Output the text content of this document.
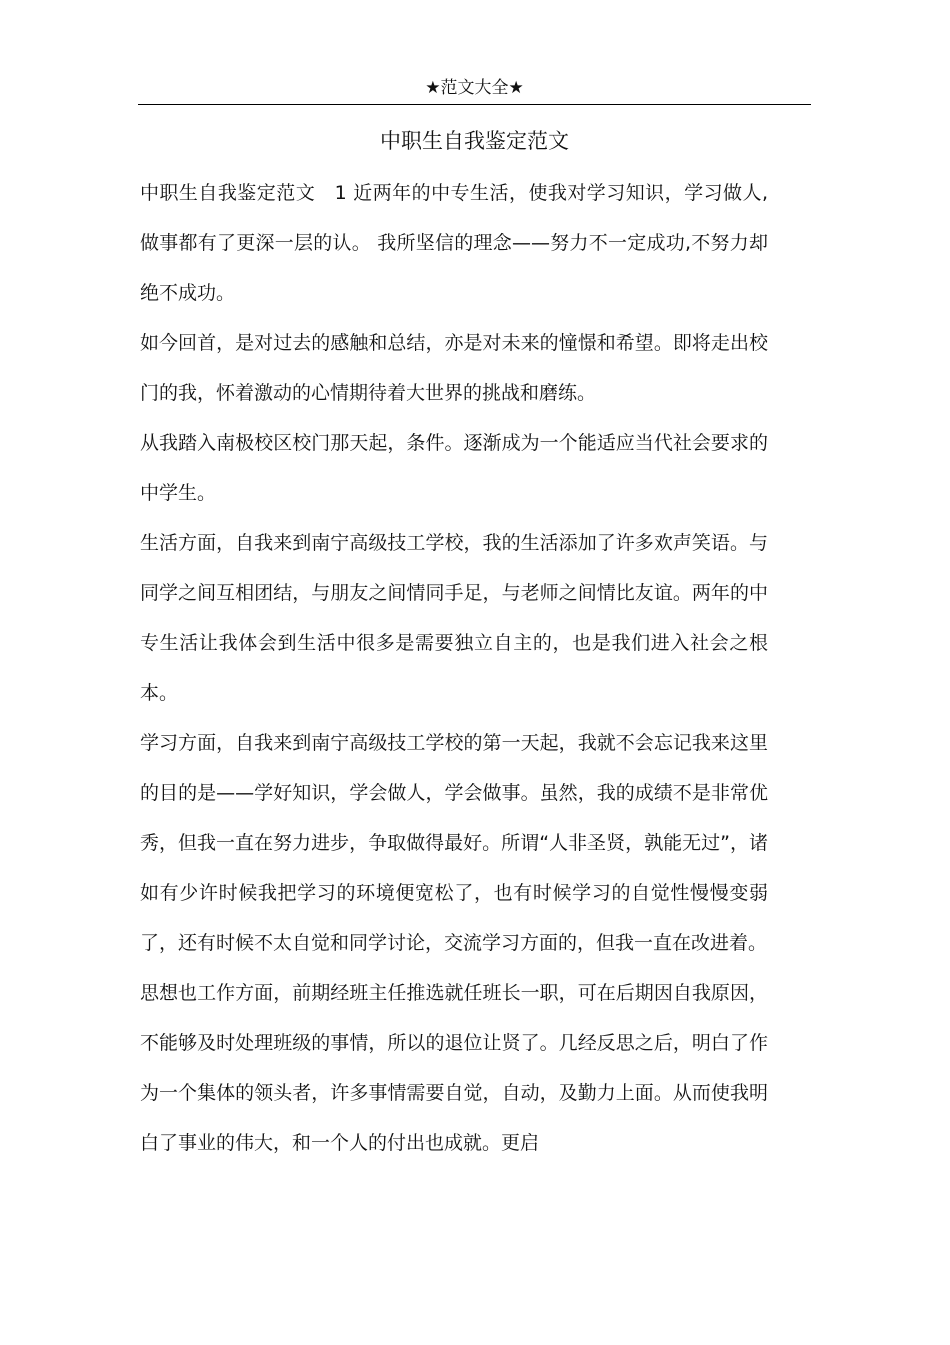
★范文大全★
中职生自我鉴定范文

中职生自我鉴定范文   1 近两年的中专生活，使我对学习知识，学习做人, 做事都有了更深一层的认。 我所坚信的理念——努力不一定成功,不努力却绝不成功。

如今回首，是对过去的感触和总结，亦是对未来的憧憬和希望。即将走出校门的我，怀着激动的心情期待着大世界的挑战和磨练。

从我踏入南极校区校门那天起，条件。逐渐成为一个能适应当代社会要求的中学生。

生活方面，自我来到南宁高级技工学校，我的生活添加了许多欢声笑语。与同学之间互相团结，与朋友之间情同手足，与老师之间情比友谊。两年的中专生活让我体会到生活中很多是需要独立自主的，也是我们进入社会之根本。

学习方面，自我来到南宁高级技工学校的第一天起，我就不会忘记我来这里的目的是——学好知识，学会做人，学会做事。虽然，我的成绩不是非常优秀，但我一直在努力进步，争取做得最好。所谓“人非圣贤，孰能无过”，诸如有少许时候我把学习的环境便宽松了，也有时候学习的自觉性慢慢变弱了，还有时候不太自觉和同学讨论，交流学习方面的，但我一直在改进着。

思想也工作方面，前期经班主任推选就任班长一职，可在后期因自我原因，不能够及时处理班级的事情，所以的退位让贤了。几经反思之后，明白了作为一个集体的领头者，许多事情需要自觉，自动，及勤力上面。从而使我明白了事业的伟大，和一个人的付出也成就。更启
